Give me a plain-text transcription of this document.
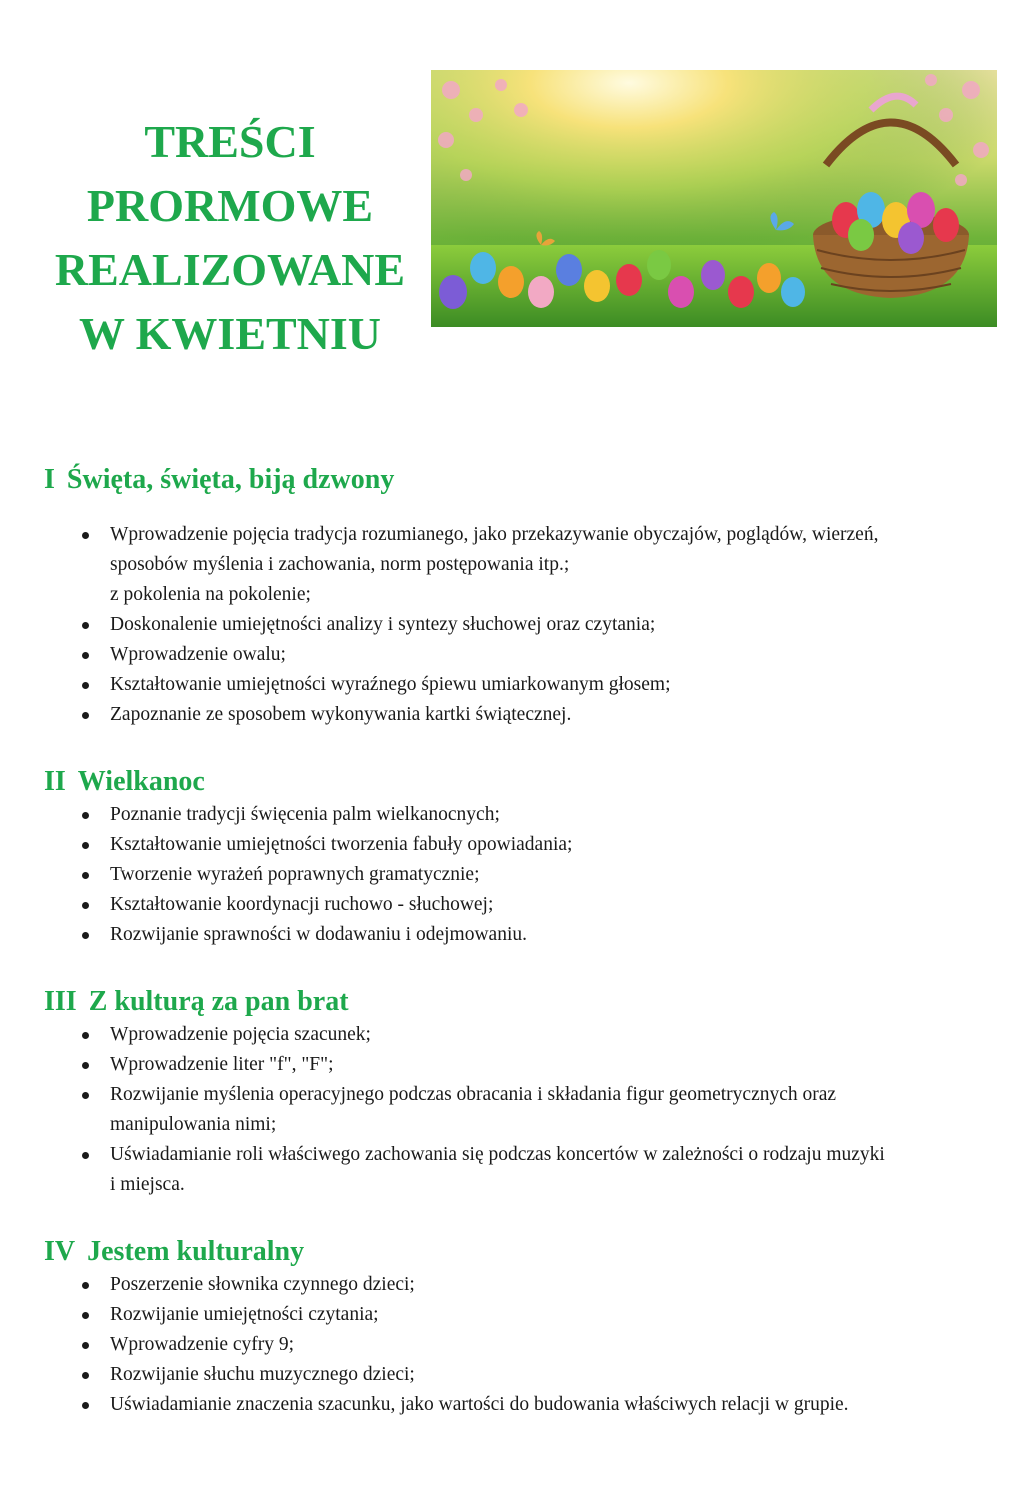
TREŚCI
PRORMOWE
REALIZOWANE
W KWIETNIU
I Święta, święta, biją dzwony
Wprowadzenie pojęcia tradycja rozumianego, jako przekazywanie obyczajów, poglądów, wierzeń,
sposobów myślenia i zachowania, norm postępowania itp.;
z pokolenia na pokolenie;
Doskonalenie umiejętności analizy i syntezy słuchowej oraz czytania;
Wprowadzenie owalu;
Kształtowanie umiejętności wyraźnego śpiewu umiarkowanym głosem;
Zapoznanie ze sposobem wykonywania kartki świątecznej.
II Wielkanoc
Poznanie tradycji święcenia palm wielkanocnych;
Kształtowanie umiejętności tworzenia fabuły opowiadania;
Tworzenie wyrażeń poprawnych gramatycznie;
Kształtowanie koordynacji ruchowo - słuchowej;
Rozwijanie sprawności w dodawaniu i odejmowaniu.
III Z kulturą za pan brat
Wprowadzenie pojęcia szacunek;
Wprowadzenie liter "f", "F";
Rozwijanie myślenia operacyjnego podczas obracania i składania figur geometrycznych oraz
manipulowania nimi;
Uświadamianie roli właściwego zachowania się podczas koncertów w zależności o rodzaju muzyki
i miejsca.
IV Jestem kulturalny
Poszerzenie słownika czynnego dzieci;
Rozwijanie umiejętności czytania;
Wprowadzenie cyfry 9;
Rozwijanie słuchu muzycznego dzieci;
Uświadamianie znaczenia szacunku, jako wartości do budowania właściwych relacji w grupie.
